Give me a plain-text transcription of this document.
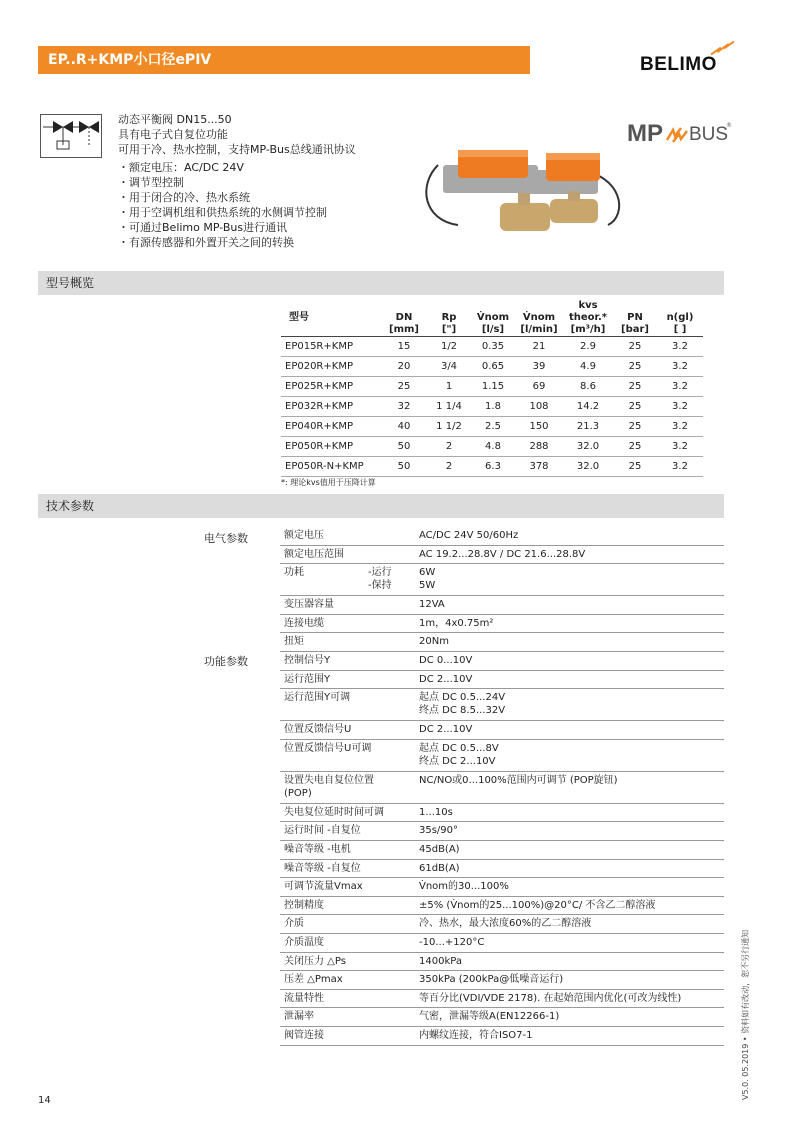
EP..R+KMP小口径ePIV	BELIMO
动态平衡阀 DN15...50
具有电子式自复位功能
可用于冷、热水控制，支持MP-Bus总线通讯协议
・额定电压：AC/DC 24V
・调节型控制
・用于闭合的冷、热水系统
・用于空调机组和供热系统的水侧调节控制
・可通过Belimo MP-Bus进行通讯
・有源传感器和外置开关之间的转换
MP BUS
®
型号概览
型号	DN
[mm]	Rp
["]	V̇nom
[l/s]	V̇nom
[l/min]	kvs
theor.*
[m³/h]	PN
[bar]	n(gl)
[ ]
EP015R+KMP	15	1/2	0.35	21	2.9	25	3.2
EP020R+KMP	20	3/4	0.65	39	4.9	25	3.2
EP025R+KMP	25	1	1.15	69	8.6	25	3.2
EP032R+KMP	32	1 1/4	1.8	108	14.2	25	3.2
EP040R+KMP	40	1 1/2	2.5	150	21.3	25	3.2
EP050R+KMP	50	2	4.8	288	32.0	25	3.2
EP050R-N+KMP	50	2	6.3	378	32.0	25	3.2
*: 理论kvs值用于压降计算
技术参数
电气参数
功能参数
额定电压	AC/DC 24V 50/60Hz
额定电压范围	AC 19.2...28.8V / DC 21.6...28.8V
功耗	-运行
-保持
6W
5W
变压器容量	12VA
连接电缆	1m，4x0.75m²
扭矩	20Nm
控制信号Y	DC 0...10V
运行范围Y	DC 2...10V
运行范围Y可调	起点 DC 0.5...24V
终点 DC 8.5...32V
位置反馈信号U	DC 2...10V
位置反馈信号U可调	起点 DC 0.5...8V
终点 DC 2...10V
设置失电自复位位置
(POP)
NC/NO或0...100%范围内可调节 (POP旋钮)
失电复位延时时间可调	1...10s
运行时间 -自复位	35s/90°
噪音等级 -电机	45dB(A)
噪音等级 -自复位	61dB(A)
可调节流量Vmax	V̇nom的30...100%
控制精度	±5% (V̇nom的25...100%)@20°C/ 不含乙二醇溶液
介质	冷、热水，最大浓度60%的乙二醇溶液
介质温度	-10...+120°C
关闭压力 △Ps	1400kPa
压差 △Pmax	350kPa (200kPa@低噪音运行)
流量特性	等百分比(VDI/VDE 2178). 在起始范围内优化(可改为线性)
泄漏率	气密，泄漏等级A(EN12266-1)
阀管连接	内螺纹连接，符合ISO7-1
14
V5.0. 05.2019 • 资料如有改动，恕不另行通知
